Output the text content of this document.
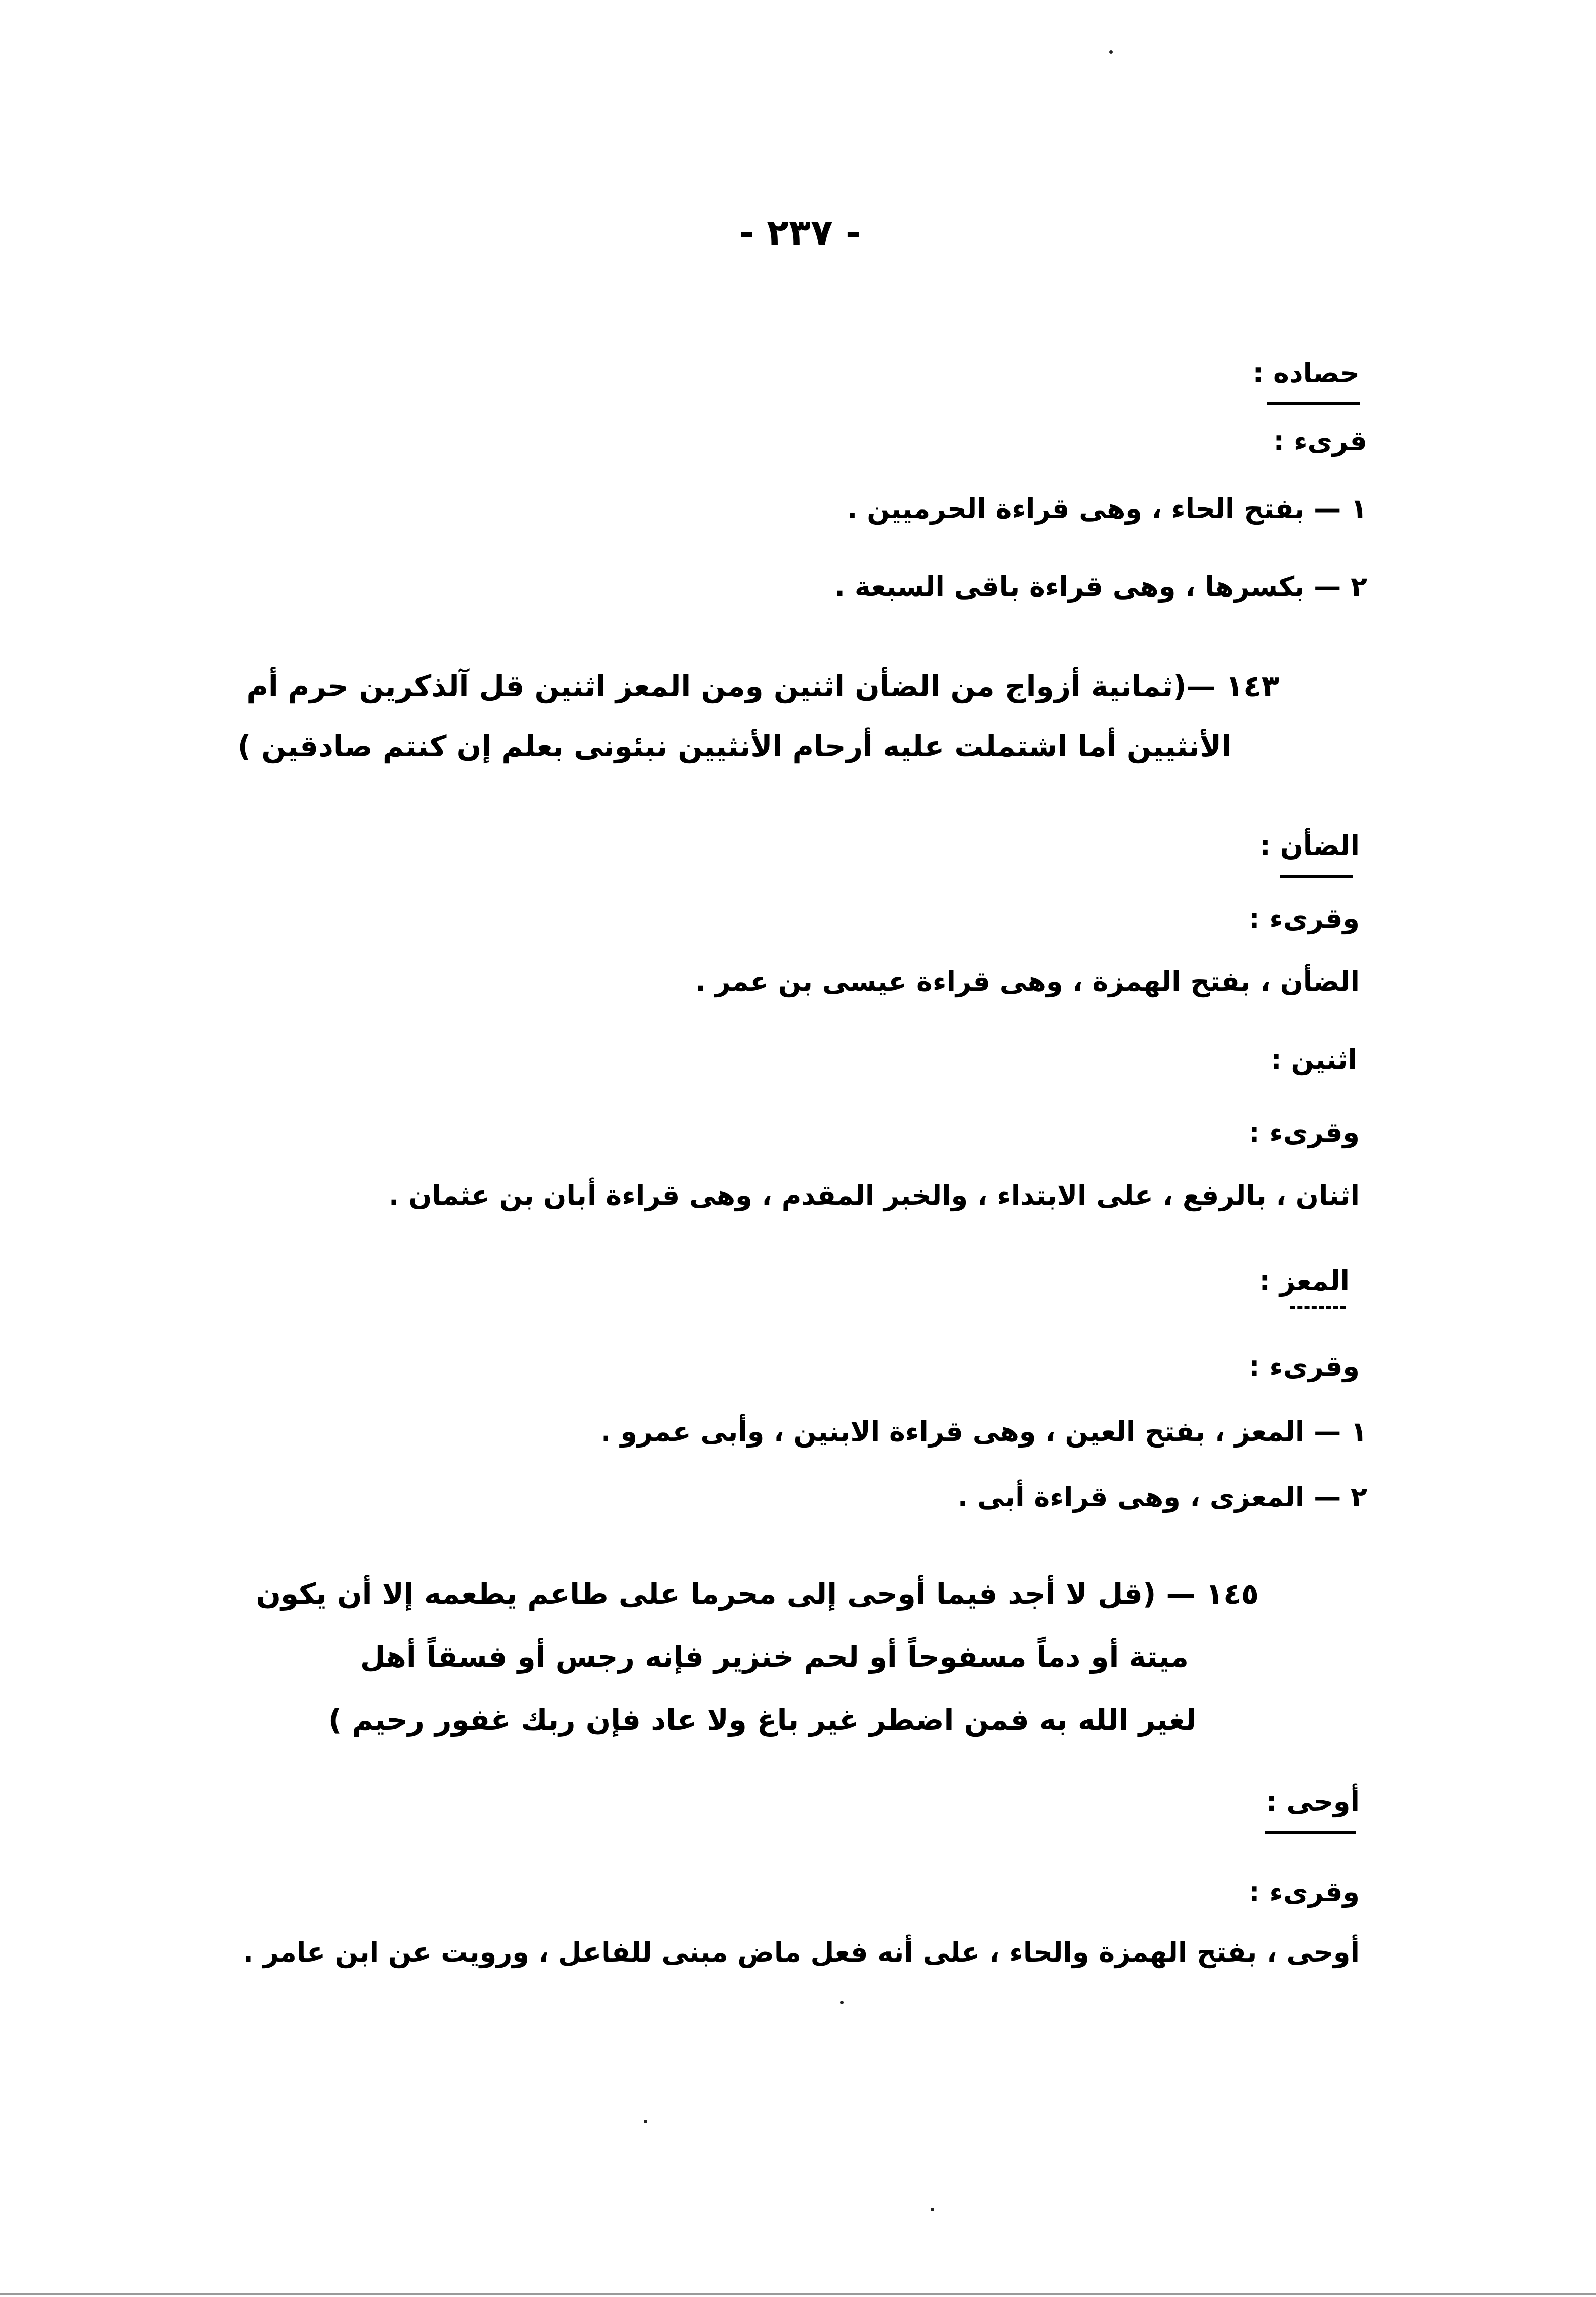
- ٢٣٧ -
حصاده :
قرىء :
١ — بفتح الحاء ، وهى قراءة الحرميين .
٢ — بكسرها ، وهى قراءة باقى السبعة .
١٤٣ —(ثمانية أزواج من الضأن اثنين ومن المعز اثنين قل آلذكرين حرم أم
الأنثيين أما اشتملت عليه أرحام الأنثيين نبئونى بعلم إن كنتم صادقين )
الضأن :
وقرىء :
الضأن ، بفتح الهمزة ، وهى قراءة عيسى بن عمر .
اثنين :
وقرىء :
اثنان ، بالرفع ، على الابتداء ، والخبر المقدم ، وهى قراءة أبان بن عثمان .
المعز :
وقرىء :
١ — المعز ، بفتح العين ، وهى قراءة الابنين ، وأبى عمرو .
٢ — المعزى ، وهى قراءة أبى .
١٤٥ — (قل لا أجد فيما أوحى إلى محرما على طاعم يطعمه إلا أن يكون
ميتة أو دماً مسفوحاً أو لحم خنزير فإنه رجس أو فسقاً أهل
لغير الله به فمن اضطر غير باغ ولا عاد فإن ربك غفور رحيم )
أوحى :
وقرىء :
أوحى ، بفتح الهمزة والحاء ، على أنه فعل ماض مبنى للفاعل ، ورويت عن ابن عامر .
